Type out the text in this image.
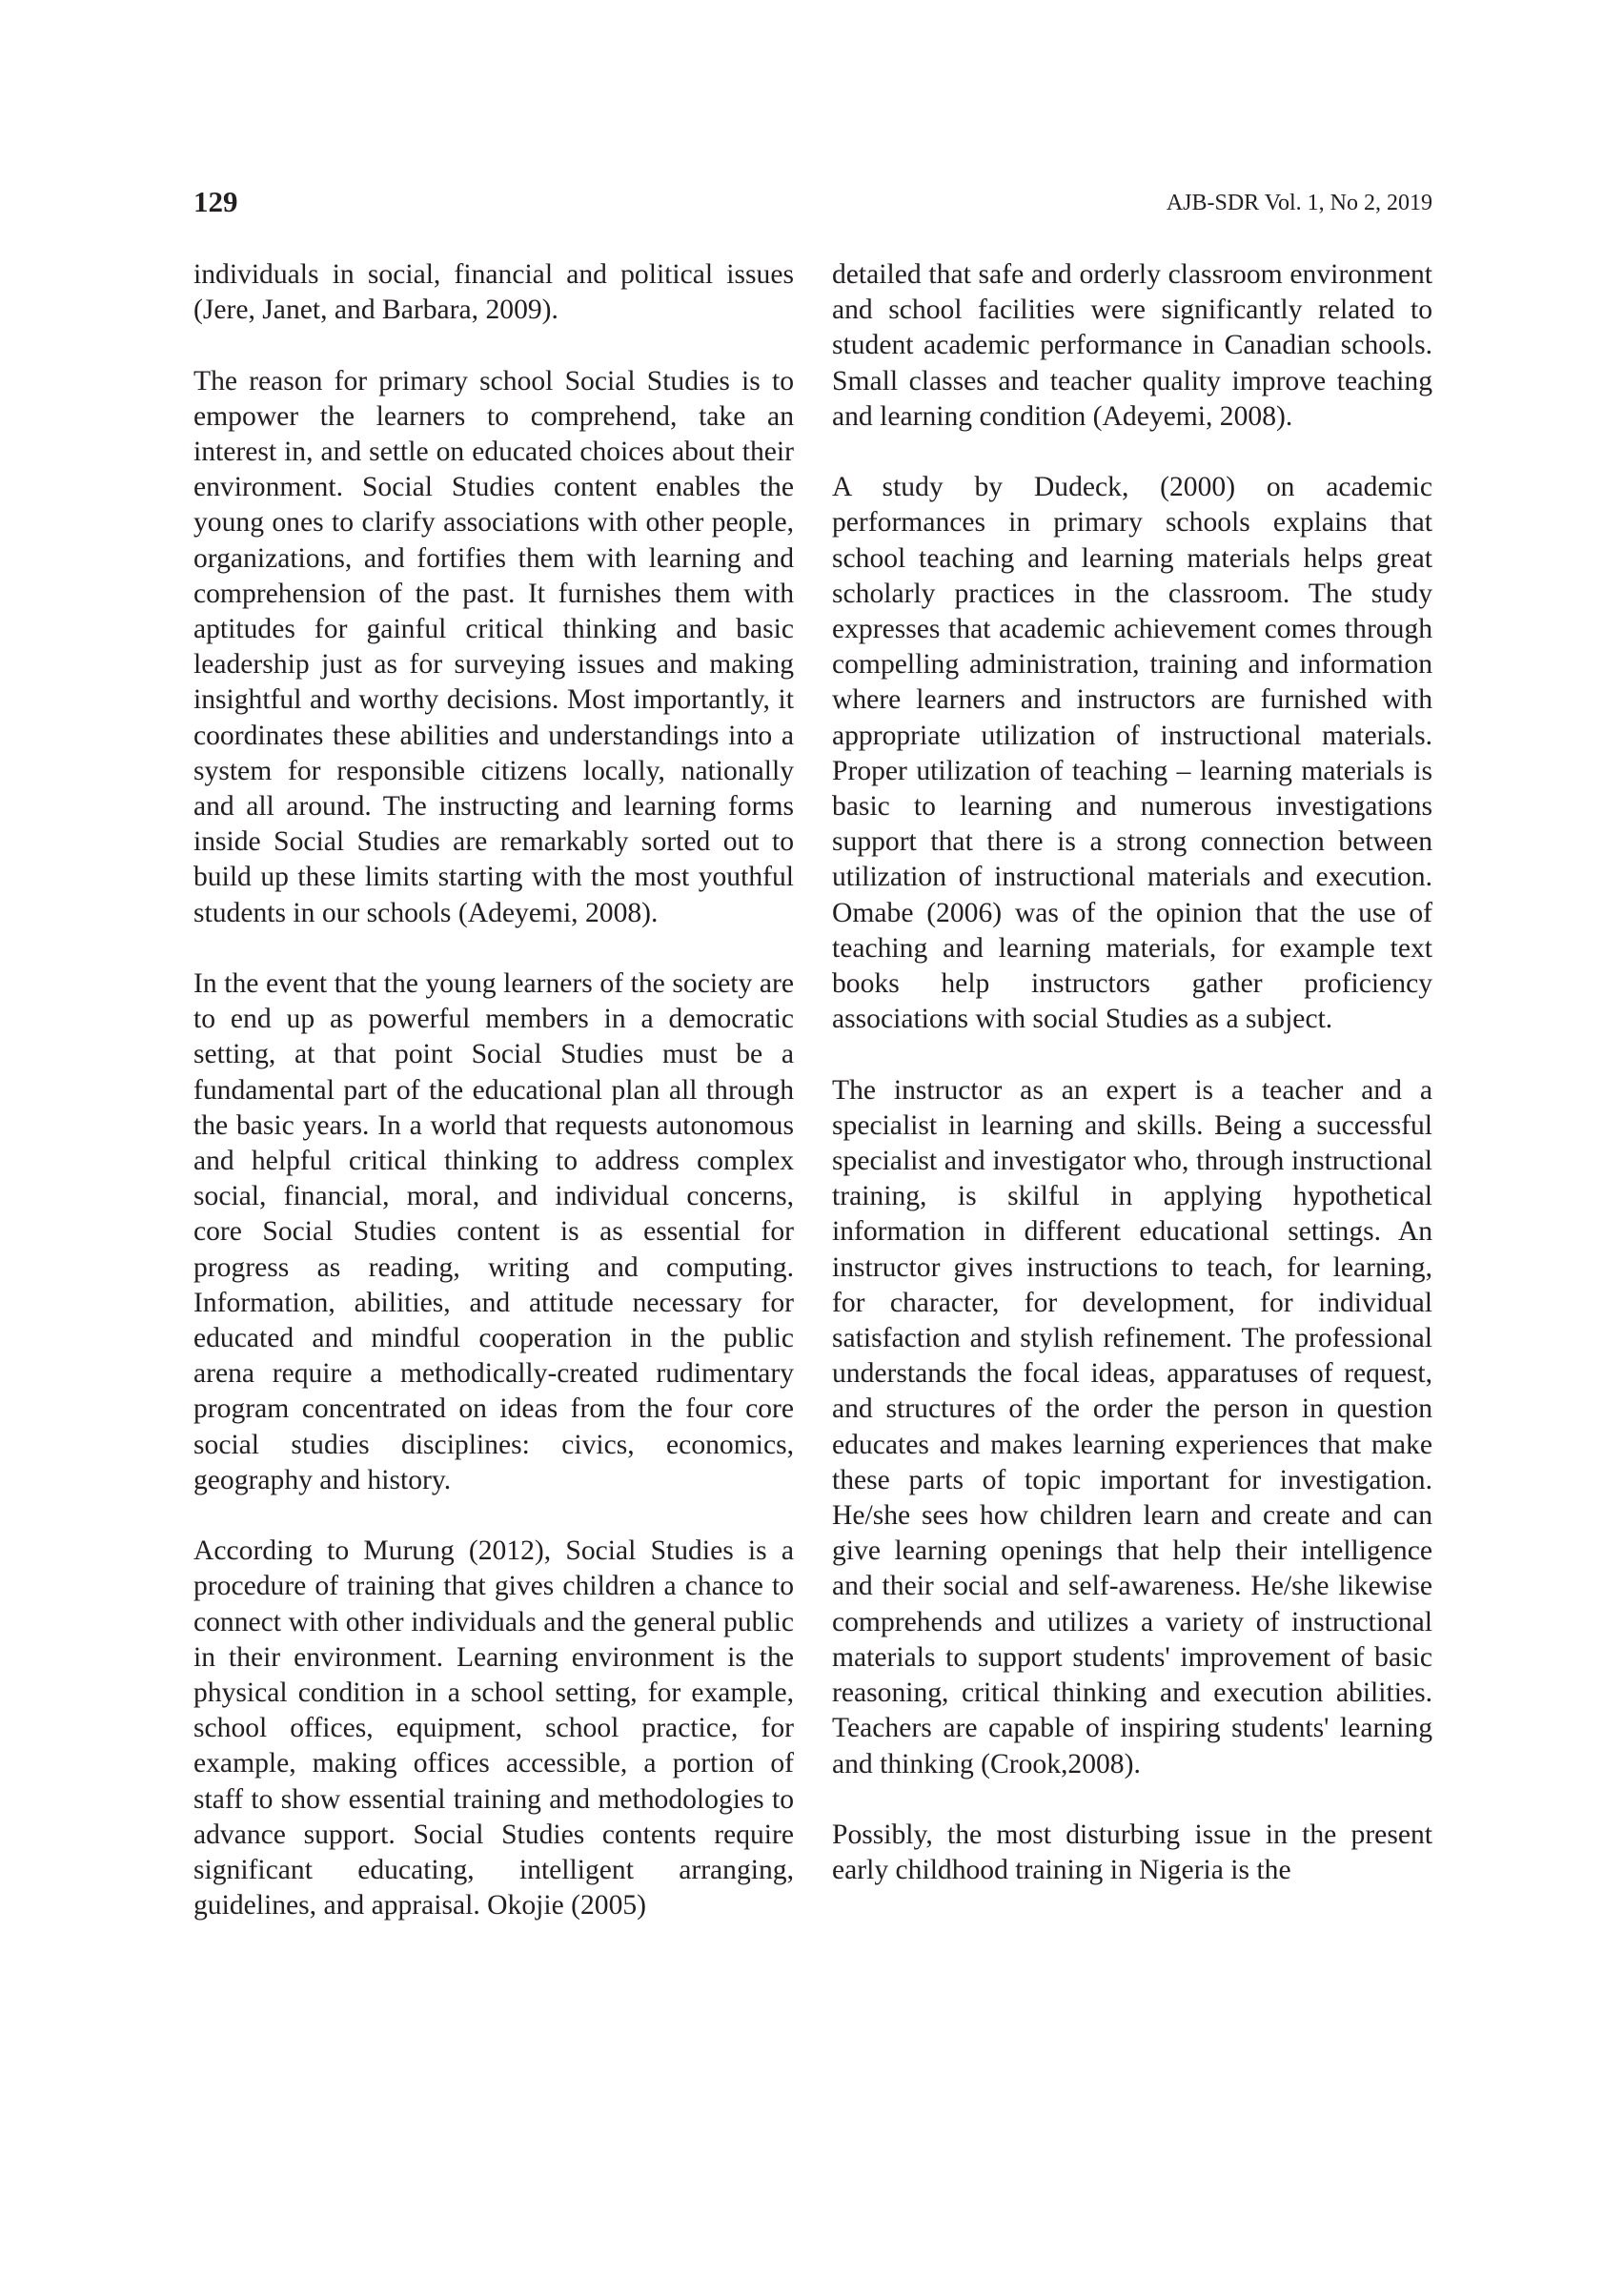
129	AJB-SDR Vol. 1, No 2, 2019

individuals in social, financial and political issues (Jere, Janet, and Barbara, 2009).

The reason for primary school Social Studies is to empower the learners to comprehend, take an interest in, and settle on educated choices about their environment. Social Studies content enables the young ones to clarify associations with other people, organizations, and fortifies them with learning and comprehension of the past. It furnishes them with aptitudes for gainful critical thinking and basic leadership just as for surveying issues and making insightful and worthy decisions. Most importantly, it coordinates these abilities and understandings into a system for responsible citizens locally, nationally and all around. The instructing and learning forms inside Social Studies are remarkably sorted out to build up these limits starting with the most youthful students in our schools (Adeyemi, 2008).

In the event that the young learners of the society are to end up as powerful members in a democratic setting, at that point Social Studies must be a fundamental part of the educational plan all through the basic years. In a world that requests autonomous and helpful critical thinking to address complex social, financial, moral, and individual concerns, core Social Studies content is as essential for progress as reading, writing and computing. Information, abilities, and attitude necessary for educated and mindful cooperation in the public arena require a methodically-created rudimentary program concentrated on ideas from the four core social studies disciplines: civics, economics, geography and history.

According to Murung (2012), Social Studies is a procedure of training that gives children a chance to connect with other individuals and the general public in their environment. Learning environment is the physical condition in a school setting, for example, school offices, equipment, school practice, for example, making offices accessible, a portion of staff to show essential training and methodologies to advance support. Social Studies contents require significant educating, intelligent arranging, guidelines, and appraisal. Okojie (2005)

detailed that safe and orderly classroom environment and school facilities were significantly related to student academic performance in Canadian schools. Small classes and teacher quality improve teaching and learning condition (Adeyemi, 2008).

A study by Dudeck, (2000) on academic performances in primary schools explains that school teaching and learning materials helps great scholarly practices in the classroom. The study expresses that academic achievement comes through compelling administration, training and information where learners and instructors are furnished with appropriate utilization of instructional materials. Proper utilization of teaching – learning materials is basic to learning and numerous investigations support that there is a strong connection between utilization of instructional materials and execution. Omabe (2006) was of the opinion that the use of teaching and learning materials, for example text books help instructors gather proficiency associations with social Studies as a subject.

The instructor as an expert is a teacher and a specialist in learning and skills. Being a successful specialist and investigator who, through instructional training, is skilful in applying hypothetical information in different educational settings. An instructor gives instructions to teach, for learning, for character, for development, for individual satisfaction and stylish refinement. The professional understands the focal ideas, apparatuses of request, and structures of the order the person in question educates and makes learning experiences that make these parts of topic important for investigation. He/she sees how children learn and create and can give learning openings that help their intelligence and their social and self-awareness. He/she likewise comprehends and utilizes a variety of instructional materials to support students' improvement of basic reasoning, critical thinking and execution abilities. Teachers are capable of inspiring students' learning and thinking (Crook,2008).

Possibly, the most disturbing issue in the present early childhood training in Nigeria is the
